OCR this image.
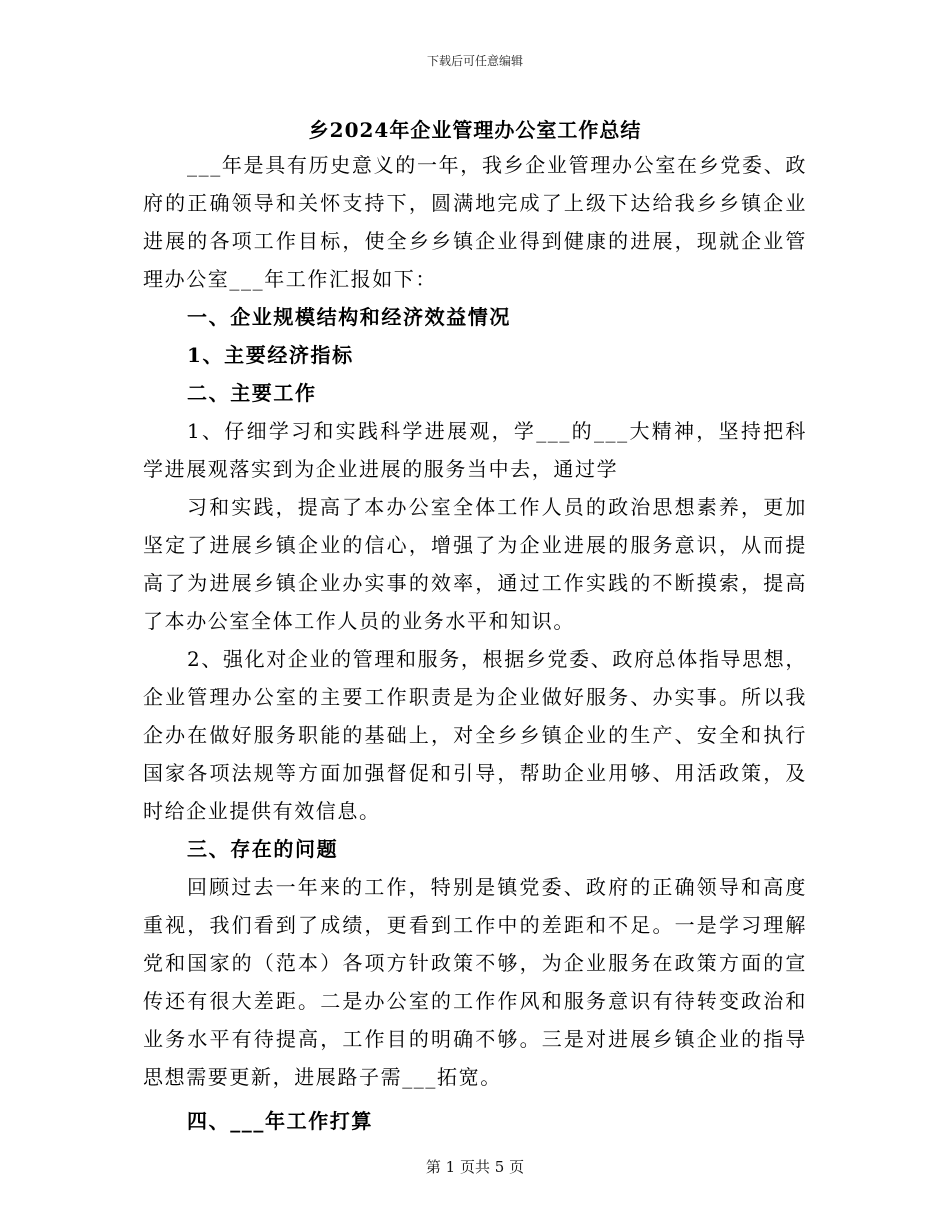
下载后可任意编辑
乡2024年企业管理办公室工作总结

___年是具有历史意义的一年，我乡企业管理办公室在乡党委、政府的正确领导和关怀支持下，圆满地完成了上级下达给我乡乡镇企业进展的各项工作目标，使全乡乡镇企业得到健康的进展，现就企业管理办公室___年工作汇报如下：

一、企业规模结构和经济效益情况

1、主要经济指标

二、主要工作

1、仔细学习和实践科学进展观，学___的___大精神，坚持把科学进展观落实到为企业进展的服务当中去，通过学

习和实践，提高了本办公室全体工作人员的政治思想素养，更加坚定了进展乡镇企业的信心，增强了为企业进展的服务意识，从而提高了为进展乡镇企业办实事的效率，通过工作实践的不断摸索，提高了本办公室全体工作人员的业务水平和知识。

2、强化对企业的管理和服务，根据乡党委、政府总体指导思想，企业管理办公室的主要工作职责是为企业做好服务、办实事。所以我企办在做好服务职能的基础上，对全乡乡镇企业的生产、安全和执行国家各项法规等方面加强督促和引导，帮助企业用够、用活政策，及时给企业提供有效信息。

三、存在的问题

回顾过去一年来的工作，特别是镇党委、政府的正确领导和高度重视，我们看到了成绩，更看到工作中的差距和不足。一是学习理解党和国家的（范本）各项方针政策不够，为企业服务在政策方面的宣传还有很大差距。二是办公室的工作作风和服务意识有待转变政治和业务水平有待提高，工作目的明确不够。三是对进展乡镇企业的指导思想需要更新，进展路子需___拓宽。

四、___年工作打算

第 1 页共 5 页
